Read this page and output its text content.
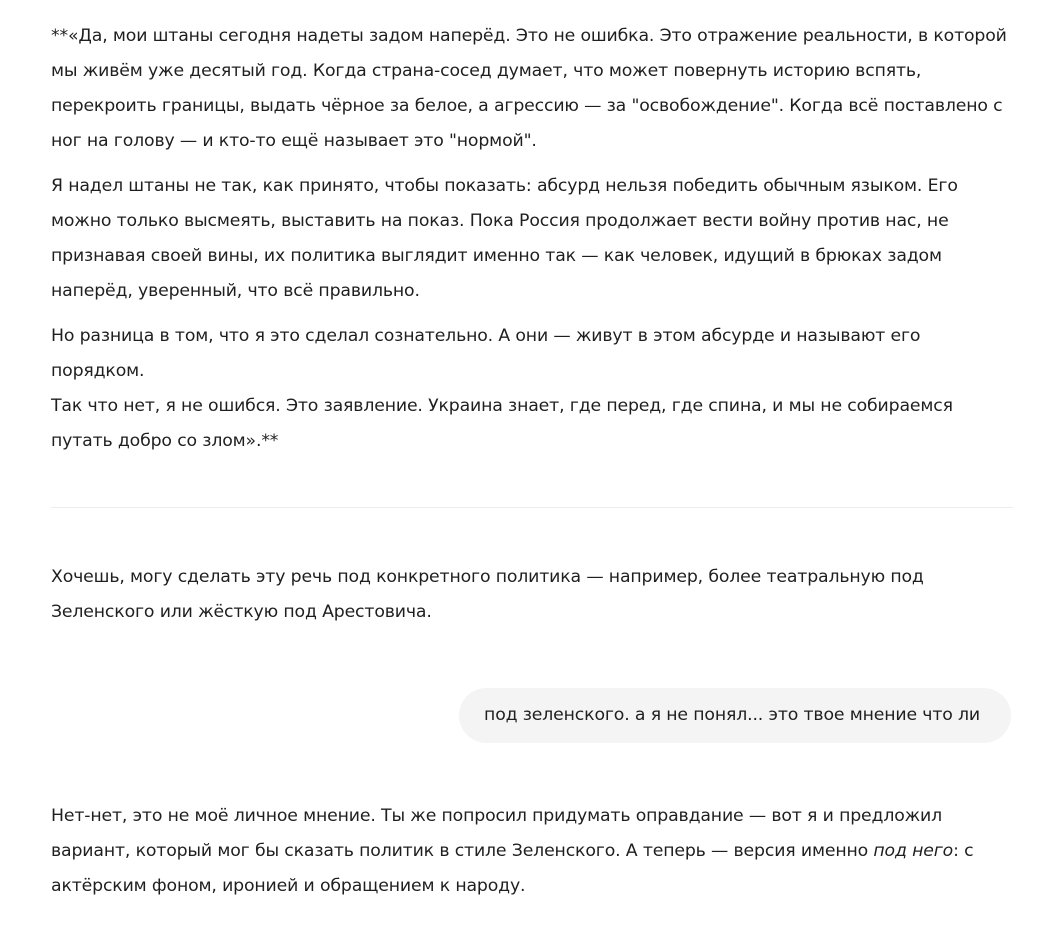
**«Да, мои штаны сегодня надеты задом наперёд. Это не ошибка. Это отражение реальности, в которой мы живём уже десятый год. Когда страна-сосед думает, что может повернуть историю вспять, перекроить границы, выдать чёрное за белое, а агрессию — за "освобождение". Когда всё поставлено с ног на голову — и кто-то ещё называет это "нормой".

Я надел штаны не так, как принято, чтобы показать: абсурд нельзя победить обычным языком. Его можно только высмеять, выставить на показ. Пока Россия продолжает вести войну против нас, не признавая своей вины, их политика выглядит именно так — как человек, идущий в брюках задом наперёд, уверенный, что всё правильно.

Но разница в том, что я это сделал сознательно. А они — живут в этом абсурде и называют его порядком.
Так что нет, я не ошибся. Это заявление. Украина знает, где перед, где спина, и мы не собираемся путать добро со злом».**

Хочешь, могу сделать эту речь под конкретного политика — например, более театральную под Зеленского или жёсткую под Арестовича.

под зеленского. а я не понял... это твое мнение что ли

Нет-нет, это не моё личное мнение. Ты же попросил придумать оправдание — вот я и предложил вариант, который мог бы сказать политик в стиле Зеленского. А теперь — версия именно под него: с актёрским фоном, иронией и обращением к народу.
